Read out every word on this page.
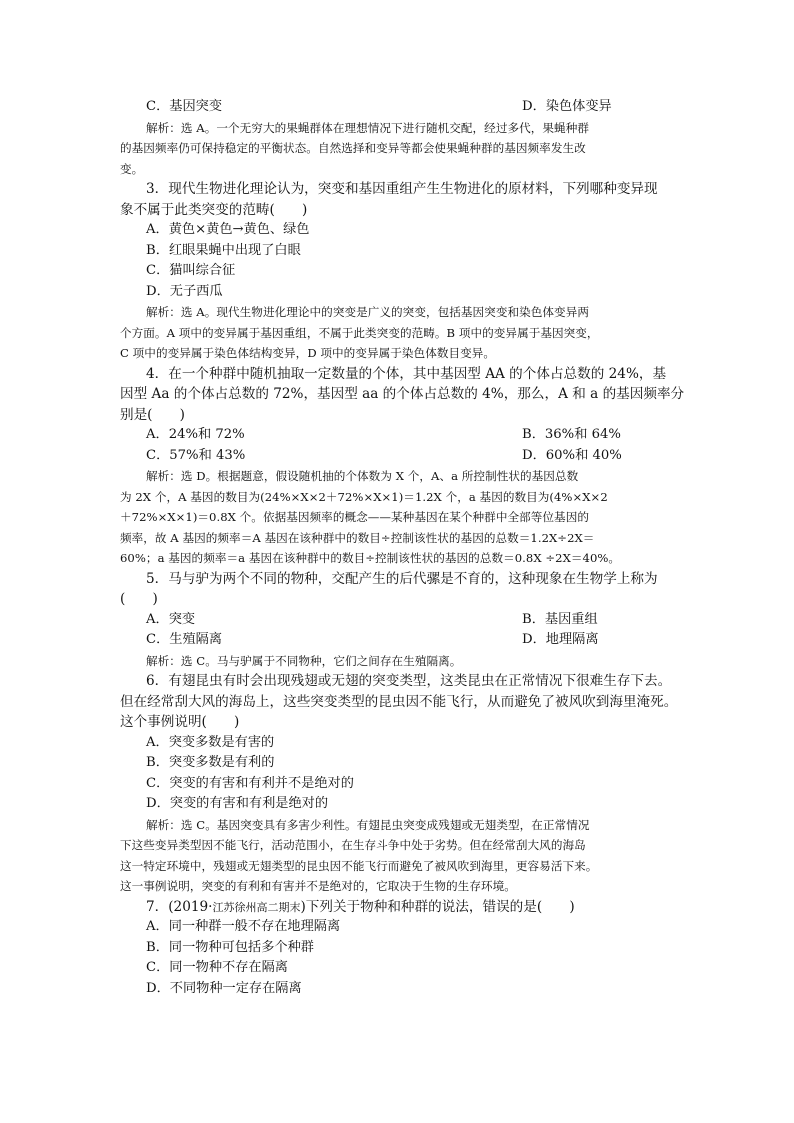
C．基因突变	D．染色体变异
解析：选 A。一个无穷大的果蝇群体在理想情况下进行随机交配，经过多代，果蝇种群
的基因频率仍可保持稳定的平衡状态。自然选择和变异等都会使果蝇种群的基因频率发生改
变。
3．现代生物进化理论认为，突变和基因重组产生生物进化的原材料，下列哪种变异现
象不属于此类突变的范畴(　　)
A．黄色×黄色→黄色、绿色
B．红眼果蝇中出现了白眼
C．猫叫综合征
D．无子西瓜
解析：选 A。现代生物进化理论中的突变是广义的突变，包括基因突变和染色体变异两
个方面。A 项中的变异属于基因重组，不属于此类突变的范畴。B 项中的变异属于基因突变，
C 项中的变异属于染色体结构变异，D 项中的变异属于染色体数目变异。
4．在一个种群中随机抽取一定数量的个体，其中基因型 AA 的个体占总数的 24%，基
因型 Aa 的个体占总数的 72%，基因型 aa 的个体占总数的 4%，那么，A 和 a 的基因频率分
别是(　　)
A．24%和 72%	B．36%和 64%
C．57%和 43%	D．60%和 40%
解析：选 D。根据题意，假设随机抽的个体数为 X 个，A、a 所控制性状的基因总数
为 2X 个，A 基因的数目为(24%×X×2＋72%×X×1)＝1.2X 个，a 基因的数目为(4%×X×2
＋72%×X×1)＝0.8X 个。依据基因频率的概念——某种基因在某个种群中全部等位基因的
频率，故 A 基因的频率＝A 基因在该种群中的数目÷控制该性状的基因的总数＝1.2X÷2X＝
60%；a 基因的频率＝a 基因在该种群中的数目÷控制该性状的基因的总数＝0.8X ÷2X＝40%。
5．马与驴为两个不同的物种，交配产生的后代骡是不育的，这种现象在生物学上称为
(　　)
A．突变	B．基因重组
C．生殖隔离	D．地理隔离
解析：选 C。马与驴属于不同物种，它们之间存在生殖隔离。
6．有翅昆虫有时会出现残翅或无翅的突变类型，这类昆虫在正常情况下很难生存下去。
但在经常刮大风的海岛上，这些突变类型的昆虫因不能飞行，从而避免了被风吹到海里淹死。
这个事例说明(　　)
A．突变多数是有害的
B．突变多数是有利的
C．突变的有害和有利并不是绝对的
D．突变的有害和有利是绝对的
解析：选 C。基因突变具有多害少利性。有翅昆虫突变成残翅或无翅类型，在正常情况
下这些变异类型因不能飞行，活动范围小，在生存斗争中处于劣势。但在经常刮大风的海岛
这一特定环境中，残翅或无翅类型的昆虫因不能飞行而避免了被风吹到海里，更容易活下来。
这一事例说明，突变的有利和有害并不是绝对的，它取决于生物的生存环境。
7．(2019·江苏徐州高二期末)下列关于物种和种群的说法，错误的是(　　)
A．同一种群一般不存在地理隔离
B．同一物种可包括多个种群
C．同一物种不存在隔离
D．不同物种一定存在隔离
